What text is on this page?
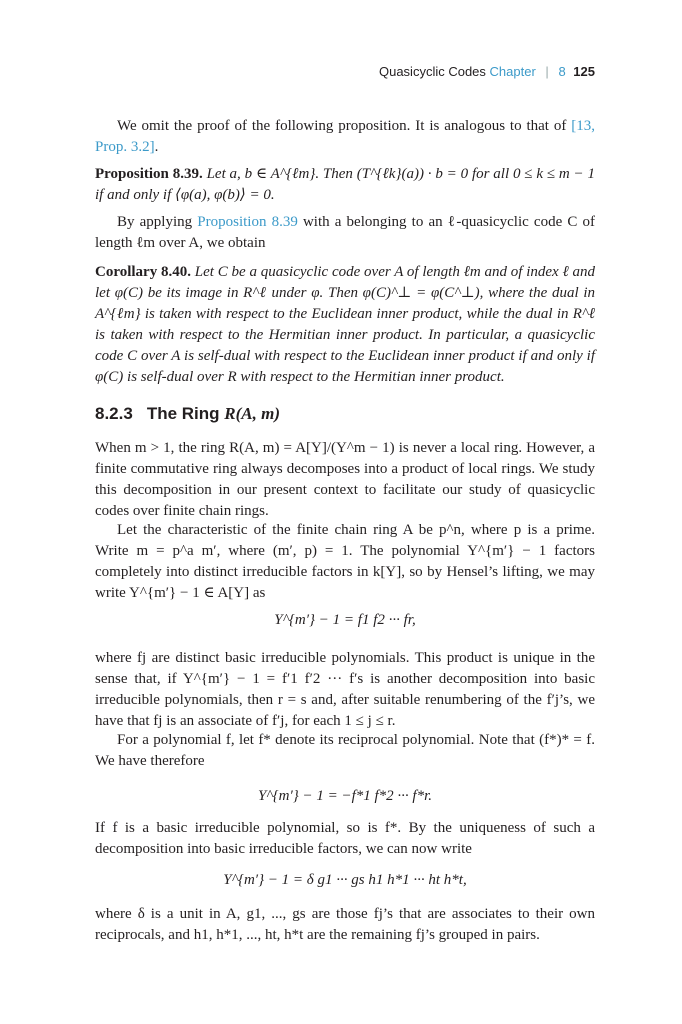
Quasicyclic Codes Chapter | 8 125
We omit the proof of the following proposition. It is analogous to that of [13, Prop. 3.2].
Proposition 8.39. Let a, b ∈ A^{ℓm}. Then (T^{ℓk}(a)) · b = 0 for all 0 ≤ k ≤ m − 1 if and only if ⟨φ(a), φ(b)⟩ = 0.
By applying Proposition 8.39 with a belonging to an ℓ-quasicyclic code C of length ℓm over A, we obtain
Corollary 8.40. Let C be a quasicyclic code over A of length ℓm and of index ℓ and let φ(C) be its image in R^ℓ under φ. Then φ(C)^⊥ = φ(C^⊥), where the dual in A^{ℓm} is taken with respect to the Euclidean inner product, while the dual in R^ℓ is taken with respect to the Hermitian inner product. In particular, a quasicyclic code C over A is self-dual with respect to the Euclidean inner product if and only if φ(C) is self-dual over R with respect to the Hermitian inner product.
8.2.3 The Ring R(A, m)
When m > 1, the ring R(A, m) = A[Y]/(Y^m − 1) is never a local ring. However, a finite commutative ring always decomposes into a product of local rings. We study this decomposition in our present context to facilitate our study of quasicyclic codes over finite chain rings.
Let the characteristic of the finite chain ring A be p^n, where p is a prime. Write m = p^a m′, where (m′, p) = 1. The polynomial Y^{m′} − 1 factors completely into distinct irreducible factors in k[Y], so by Hensel’s lifting, we may write Y^{m′} − 1 ∈ A[Y] as
Y^{m′} − 1 = f1 f2 ··· fr,
where fj are distinct basic irreducible polynomials. This product is unique in the sense that, if Y^{m′} − 1 = f′1 f′2 ··· f′s is another decomposition into basic irreducible polynomials, then r = s and, after suitable renumbering of the f′j’s, we have that fj is an associate of f′j, for each 1 ≤ j ≤ r.
For a polynomial f, let f* denote its reciprocal polynomial. Note that (f*)* = f. We have therefore
Y^{m′} − 1 = −f*1 f*2 ··· f*r.
If f is a basic irreducible polynomial, so is f*. By the uniqueness of such a decomposition into basic irreducible factors, we can now write
Y^{m′} − 1 = δ g1 ··· gs h1 h*1 ··· ht h*t,
where δ is a unit in A, g1, ..., gs are those fj’s that are associates to their own reciprocals, and h1, h*1, ..., ht, h*t are the remaining fj’s grouped in pairs.
